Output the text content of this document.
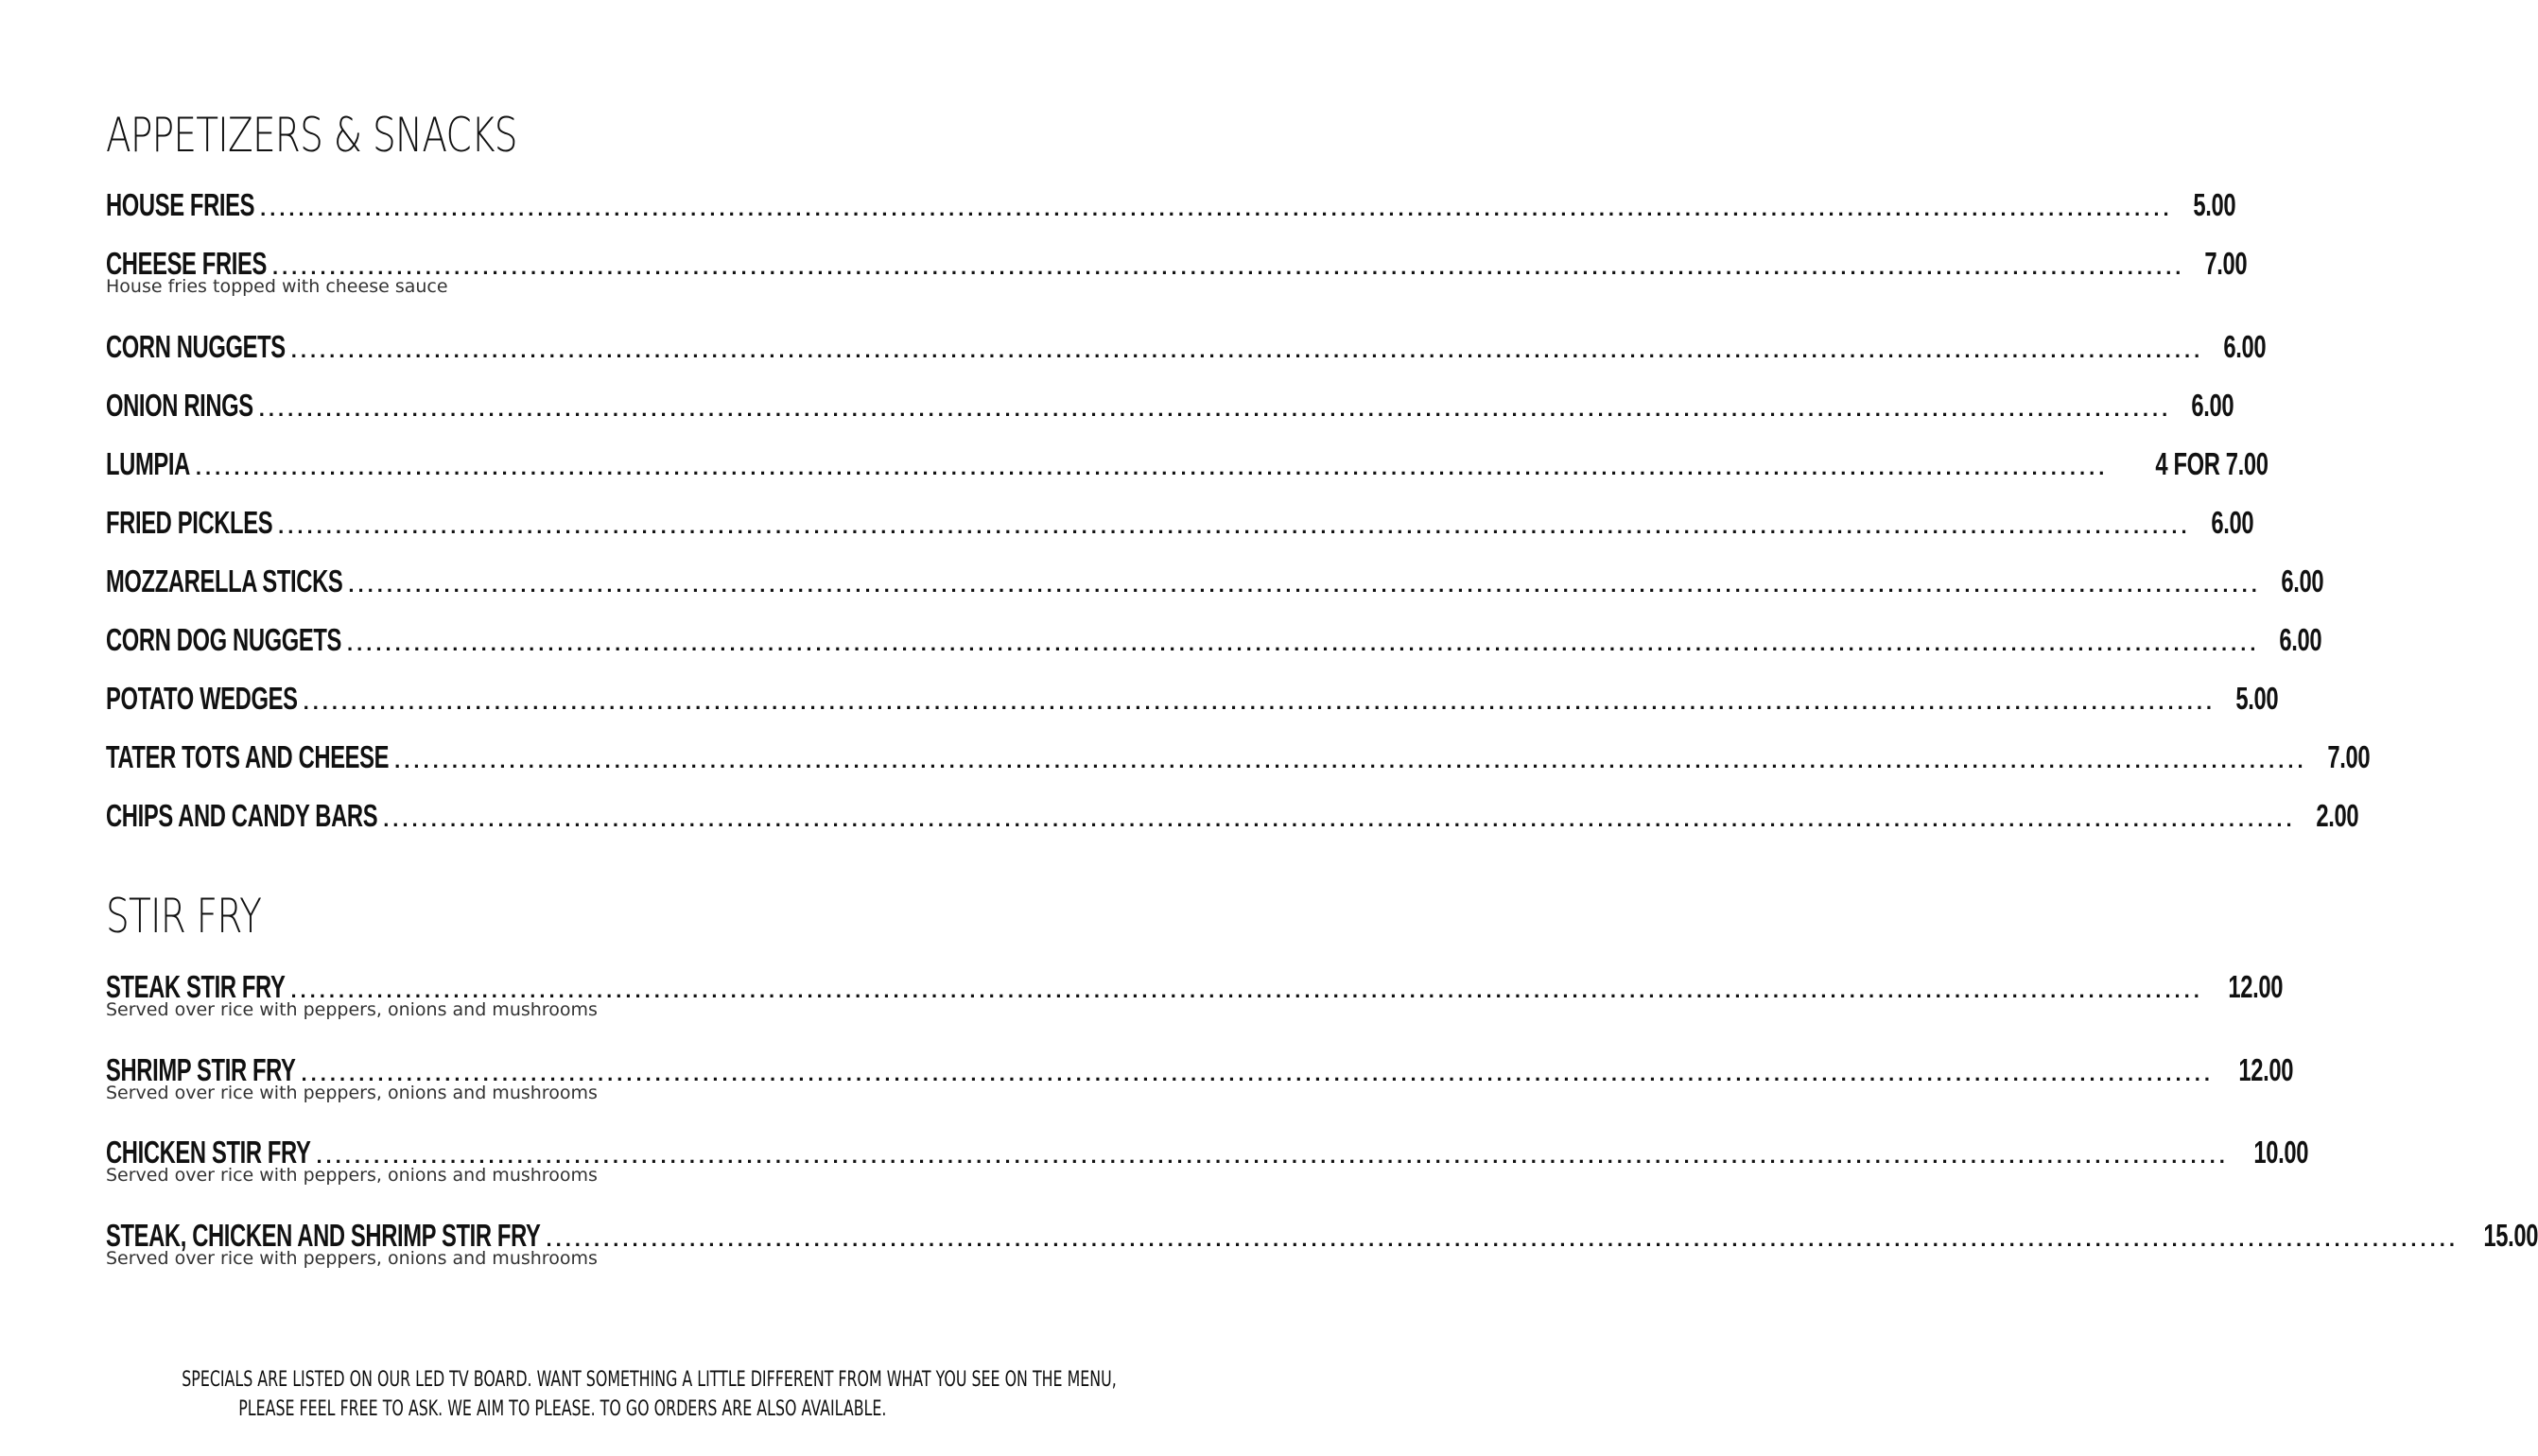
APPETIZERS & SNACKS
HOUSE FRIES ........................................................................................................................................................................................................ 5.00
CHEESE FRIES ........................................................................................................................................................................................................ 7.00
House fries topped with cheese sauce
CORN NUGGETS ........................................................................................................................................................................................................ 6.00
ONION RINGS ........................................................................................................................................................................................................ 6.00
LUMPIA ........................................................................................................................................................................................................	4 FOR 7.00
FRIED PICKLES ........................................................................................................................................................................................................ 6.00
MOZZARELLA STICKS ........................................................................................................................................................................................................ 6.00
CORN DOG NUGGETS ........................................................................................................................................................................................................ 6.00
POTATO WEDGES ........................................................................................................................................................................................................ 5.00
TATER TOTS AND CHEESE ........................................................................................................................................................................................................ 7.00
CHIPS AND CANDY BARS ........................................................................................................................................................................................................ 2.00
STIR FRY
STEAK STIR FRY ........................................................................................................................................................................................................ 12.00
Served over rice with peppers, onions and mushrooms
SHRIMP STIR FRY ........................................................................................................................................................................................................ 12.00
Served over rice with peppers, onions and mushrooms
CHICKEN STIR FRY ........................................................................................................................................................................................................ 10.00
Served over rice with peppers, onions and mushrooms
STEAK, CHICKEN AND SHRIMP STIR FRY ........................................................................................................................................................................................................ 15.00
Served over rice with peppers, onions and mushrooms
SPECIALS ARE LISTED ON OUR LED TV BOARD. WANT SOMETHING A LITTLE DIFFERENT FROM WHAT YOU SEE ON THE MENU,
PLEASE FEEL FREE TO ASK. WE AIM TO PLEASE. TO GO ORDERS ARE ALSO AVAILABLE.
